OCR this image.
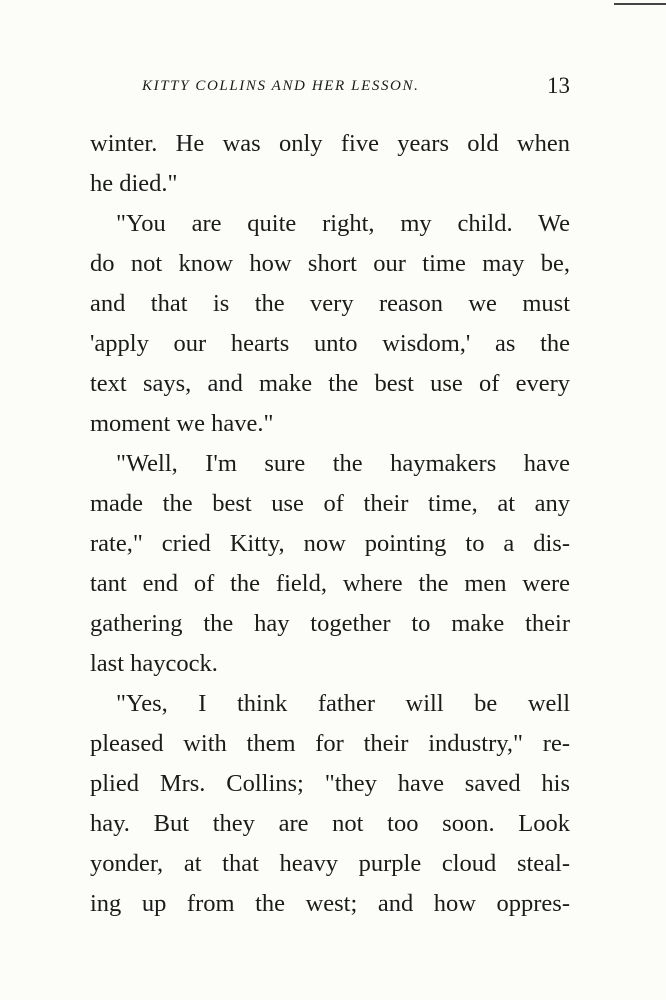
KITTY COLLINS AND HER LESSON.	13
winter. He was only five years old when
he died."
"You are quite right, my child. We
do not know how short our time may be,
and that is the very reason we must
'apply our hearts unto wisdom,' as the
text says, and make the best use of every
moment we have."
"Well, I'm sure the haymakers have
made the best use of their time, at any
rate," cried Kitty, now pointing to a dis-
tant end of the field, where the men were
gathering the hay together to make their
last haycock.
"Yes, I think father will be well
pleased with them for their industry," re-
plied Mrs. Collins; "they have saved his
hay. But they are not too soon. Look
yonder, at that heavy purple cloud steal-
ing up from the west; and how oppres-
